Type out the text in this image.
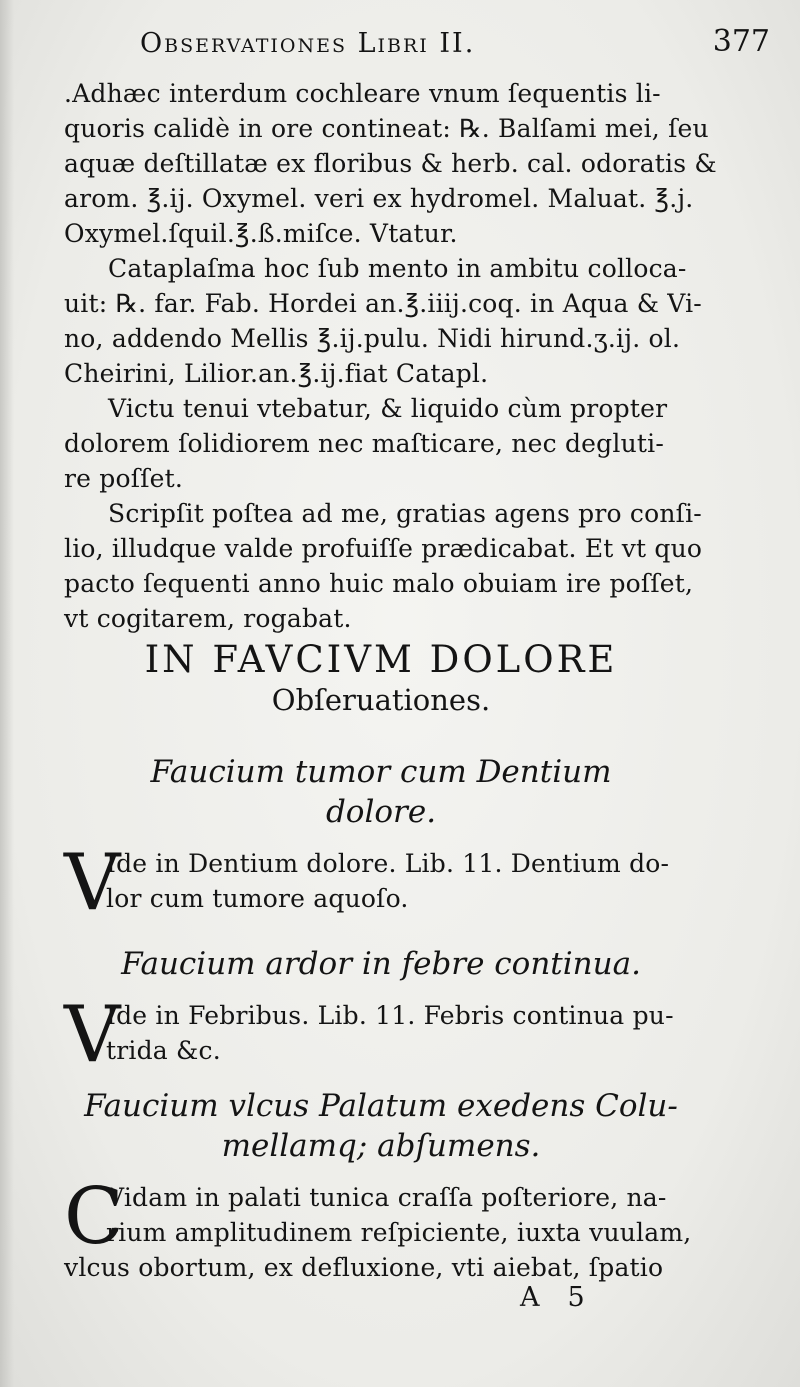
Observationes Libri II.	377

.Adhæc interdum cochleare vnum ſequentis li-

quoris calidè in ore contineat: ℞. Balſami mei, ſeu

aquæ deſtillatæ ex floribus & herb. cal. odoratis &

arom. ℥.ij. Oxymel. veri ex hydromel. Maluat. ℥.j.

Oxymel.ſquil.℥.ß.miſce. Vtatur.

Cataplaſma hoc ſub mento in ambitu colloca-

uit: ℞. far. Fab. Hordei an.℥.iiij.coq. in Aqua & Vi-

no, addendo Mellis ℥.ij.pulu. Nidi hirund.ʒ.ij. ol.

Cheirini, Lilior.an.℥.ij.fiat Catapl.

Victu tenui vtebatur, & liquido cùm propter

dolorem ſolidiorem nec maſticare, nec degluti-

re poſſet.

Scripſit poſtea ad me, gratias agens pro conſi-

lio, illudque valde profuiſſe prædicabat. Et vt quo

pacto ſequenti anno huic malo obuiam ire poſſet,

vt cogitarem, rogabat.

IN FAVCIVM DOLORE
Obſeruationes.
Faucium tumor cum Dentium
dolore.
V

Ide in Dentium dolore. Lib. 11. Dentium do-

lor cum tumore aquoſo.

Faucium ardor in febre continua.
V

Ide in Febribus. Lib. 11. Febris continua pu-

trida &c.

Faucium vlcus Palatum exedens Colu-
mellamq; abſumens.
C

Vidam in palati tunica craſſa poſteriore, na-

rium amplitudinem reſpiciente, iuxta vuulam,

vlcus obortum, ex defluxione, vti aiebat, ſpatio

A 5
